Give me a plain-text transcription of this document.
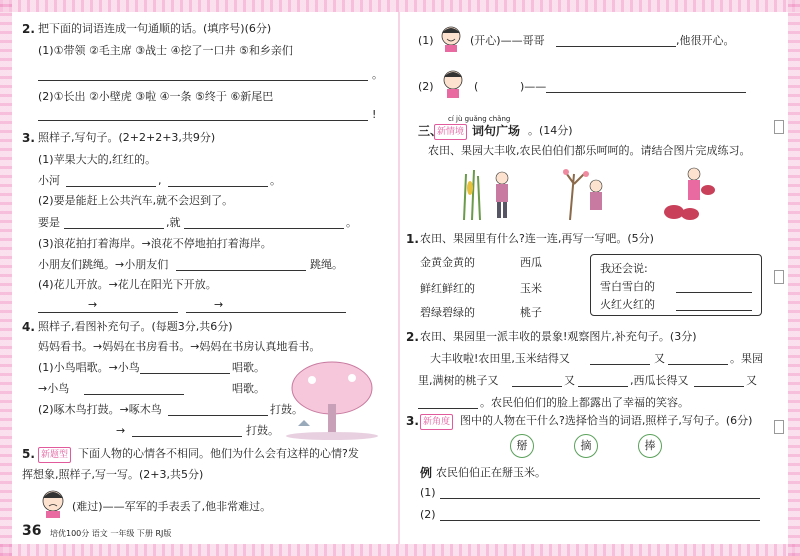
2. 把下面的词语连成一句通顺的话。(填序号)(6分)
(1)①带领 ②毛主席 ③战士 ④挖了一口井 ⑤和乡亲们
。
(2)①长出 ②小壁虎 ③啦 ④一条 ⑤终于 ⑥新尾巴
!
3. 照样子,写句子。(2+2+2+3,共9分)
(1)苹果大大的,红红的。
小河	,	。
(2)要是能赶上公共汽车,就不会迟到了。
要是	,就	。
(3)浪花拍打着海岸。→浪花不停地拍打着海岸。
小朋友们跳绳。→小朋友们	跳绳。
(4)花儿开放。→花儿在阳光下开放。
→	→
4. 照样子,看图补充句子。(每题3分,共6分)
妈妈看书。→妈妈在书房看书。→妈妈在书房认真地看书。
(1)小鸟唱歌。→小鸟	唱歌。
→小鸟	唱歌。
(2)啄木鸟打鼓。→啄木鸟	打鼓。
→	打鼓。
5. 新题型 下面人物的心情各不相同。他们为什么会有这样的心情?发
挥想象,照样子,写一写。(2+3,共5分)
(难过)——军军的手表丢了,他非常难过。
36 培优100分 语文 一年级 下册 RJ版
(1)	(开心)——哥哥	,他很开心。
(2)	(	)——
cí jù guǎng chǎng
三、
新情境 词句广场 。(14分)
农田、果园大丰收,农民伯伯们都乐呵呵的。请结合图片完成练习。
1. 农田、果园里有什么?连一连,再写一写吧。(5分)
金黄金黄的
鲜红鲜红的
碧绿碧绿的
西瓜
玉米
桃子
我还会说:
雪白雪白的
火红火红的
2. 农田、果园里一派丰收的景象!观察图片,补充句子。(3分)
大丰收啦!农田里,玉米结得又	又	。果园
里,满树的桃子又	又	,西瓜长得又	又
。农民伯伯们的脸上都露出了幸福的笑容。
3. 新角度 图中的人物在干什么?选择恰当的词语,照样子,写句子。(6分)
掰	摘	捧
例 农民伯伯正在掰玉米。
(1)
(2)
